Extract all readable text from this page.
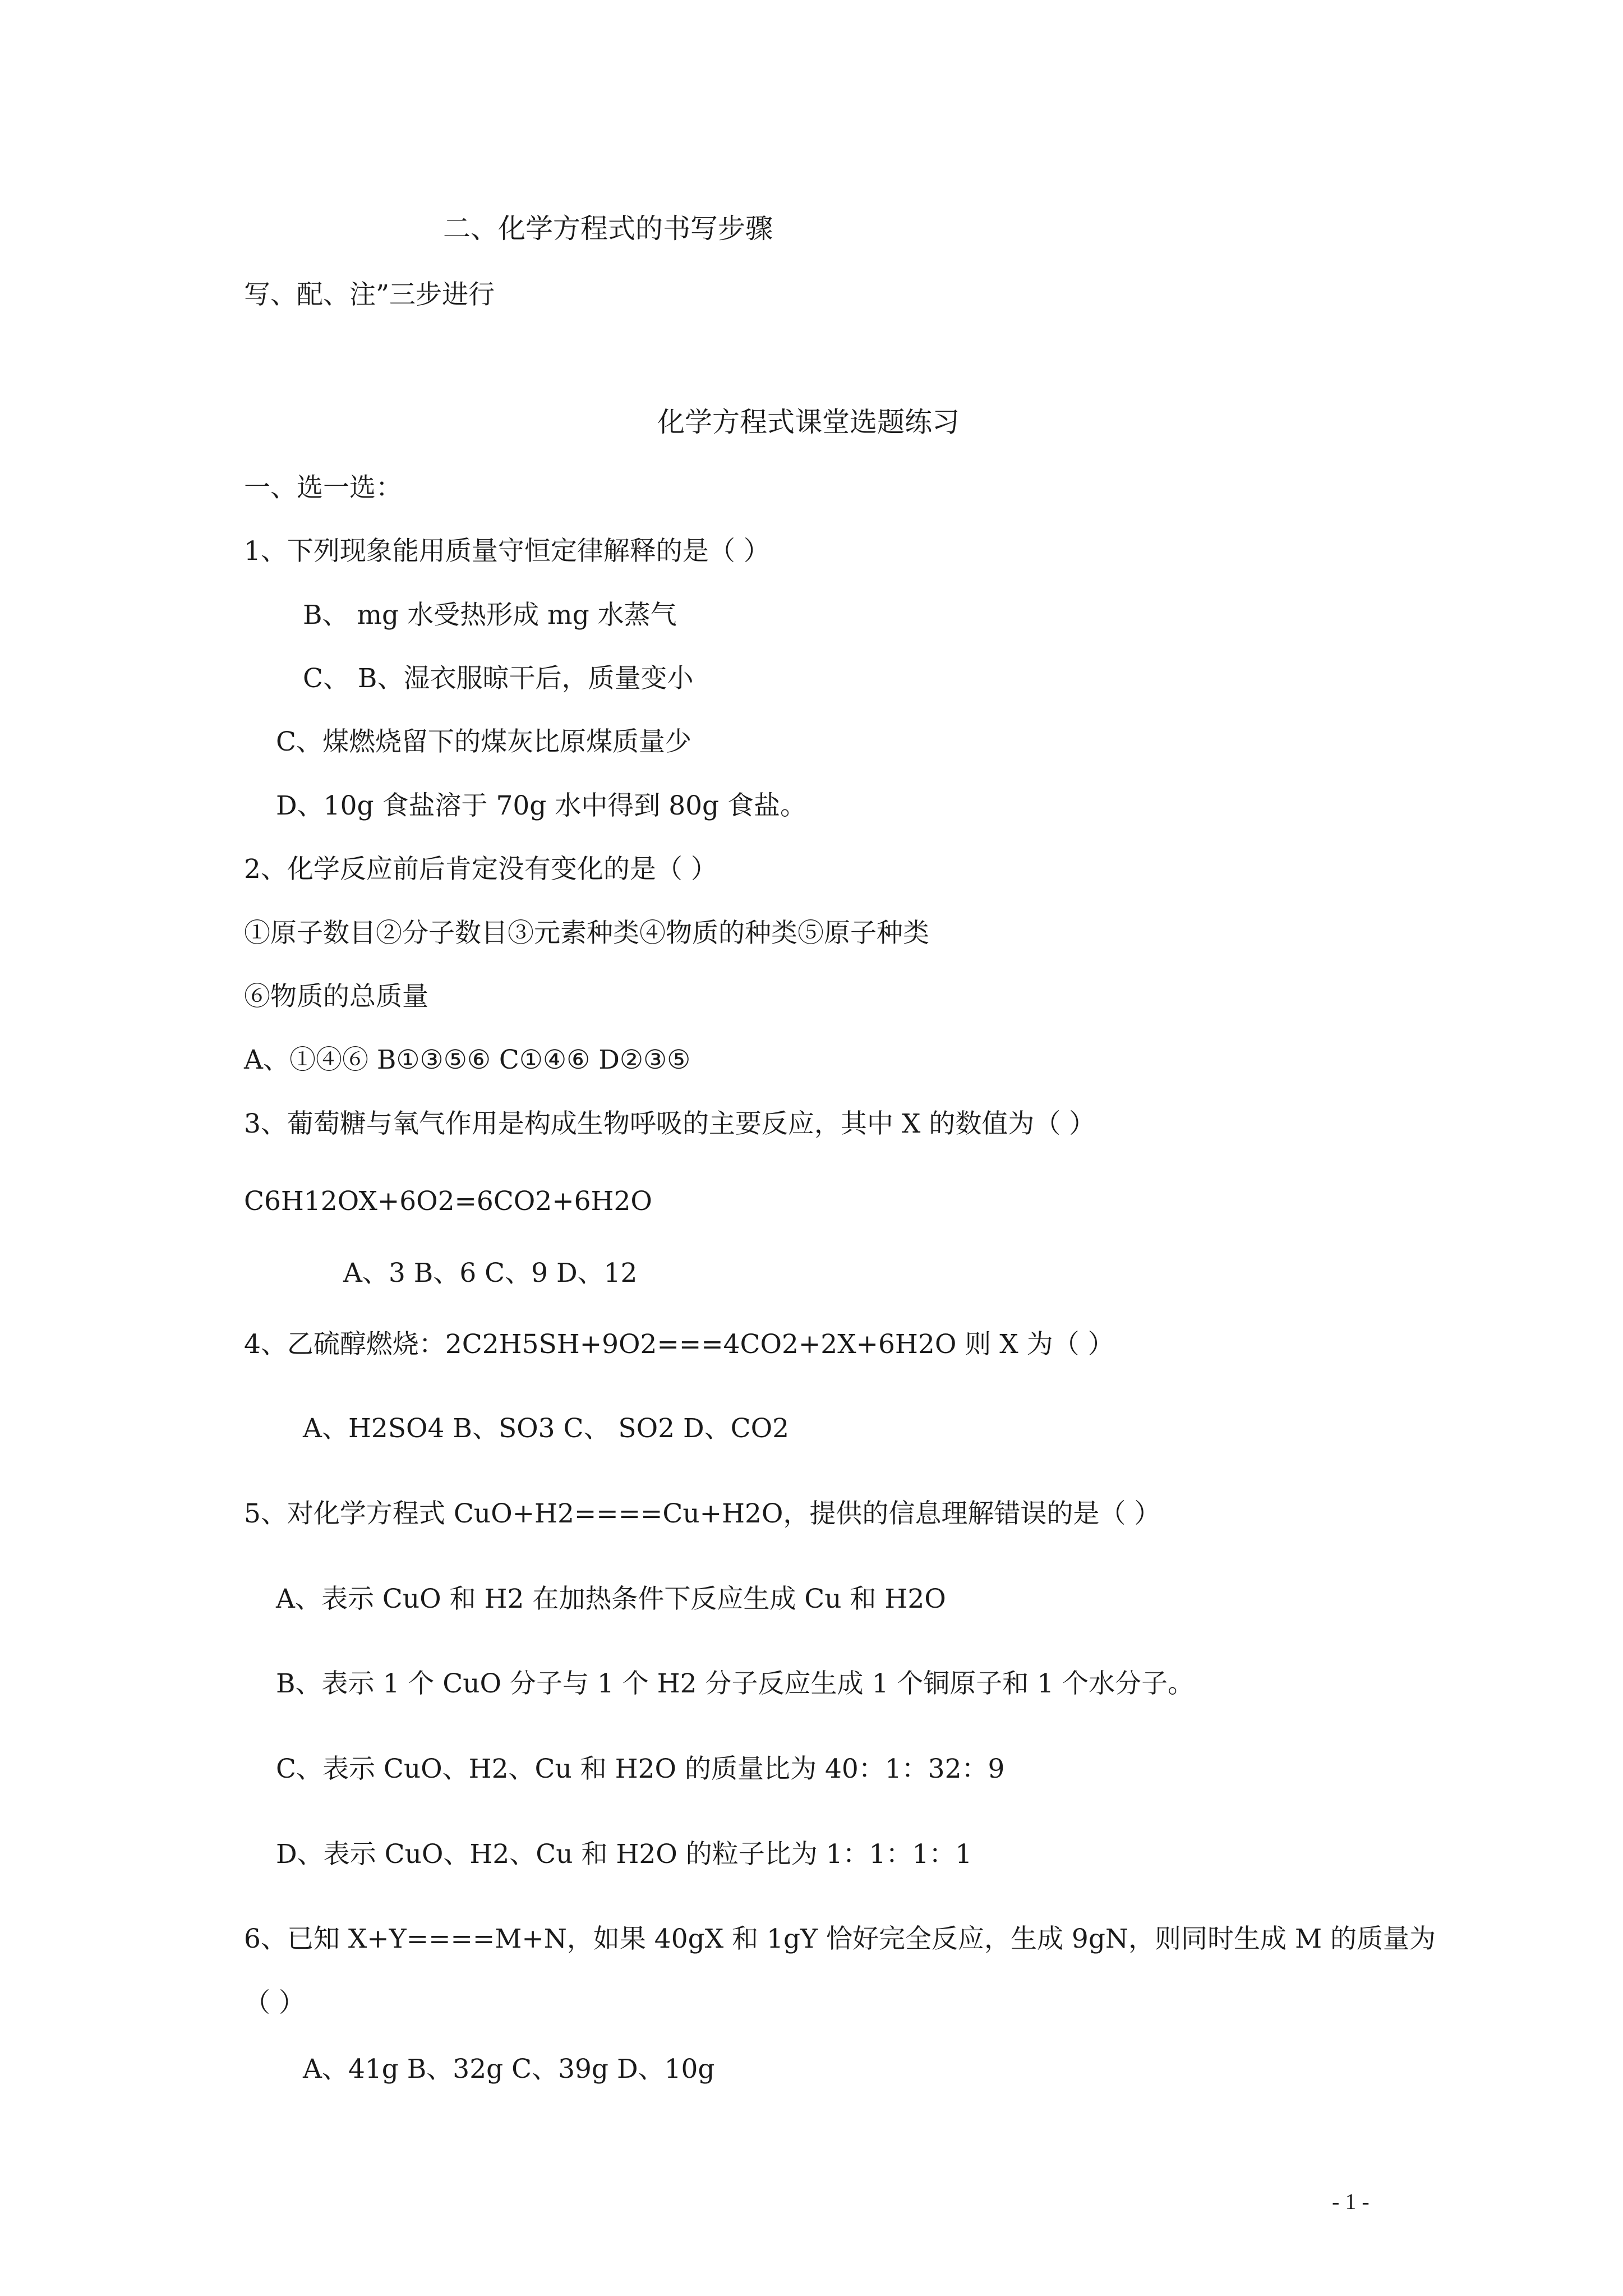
二、化学方程式的书写步骤
写、配、注”三步进行
化学方程式课堂选题练习
一、选一选：
1、下列现象能用质量守恒定律解释的是（ ）
B、 mg 水受热形成 mg 水蒸气
C、 B、湿衣服晾干后，质量变小
C、煤燃烧留下的煤灰比原煤质量少
D、10g 食盐溶于 70g 水中得到 80g 食盐。
2、化学反应前后肯定没有变化的是（ ）
①原子数目②分子数目③元素种类④物质的种类⑤原子种类
⑥物质的总质量
A、①④⑥ B①③⑤⑥ C①④⑥ D②③⑤
3、葡萄糖与氧气作用是构成生物呼吸的主要反应，其中 X 的数值为（ ）
C6H12OX+6O2=6CO2+6H2O
A、3 B、6 C、9 D、12
4、乙硫醇燃烧：2C2H5SH+9O2===4CO2+2X+6H2O 则 X 为（ ）
A、H2SO4 B、SO3 C、 SO2 D、CO2
5、对化学方程式 CuO+H2====Cu+H2O，提供的信息理解错误的是（ ）
A、表示 CuO 和 H2 在加热条件下反应生成 Cu 和 H2O
B、表示 1 个 CuO 分子与 1 个 H2 分子反应生成 1 个铜原子和 1 个水分子。
C、表示 CuO、H2、Cu 和 H2O 的质量比为 40：1：32：9
D、表示 CuO、H2、Cu 和 H2O 的粒子比为 1：1：1：1
6、已知 X+Y====M+N，如果 40gX 和 1gY 恰好完全反应，生成 9gN，则同时生成 M 的质量为
（ ）
A、41g B、32g C、39g D、10g
- 1 -
